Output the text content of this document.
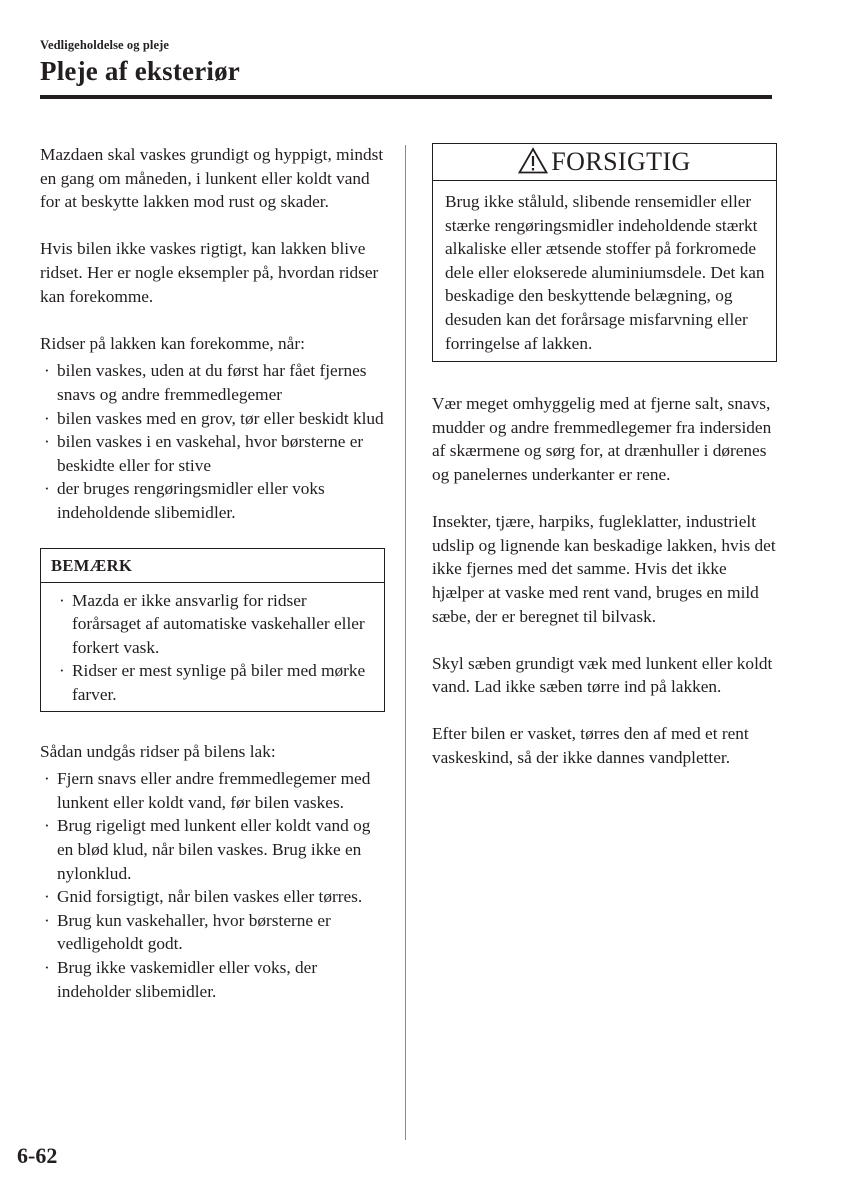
Vedligeholdelse og pleje
Pleje af eksteriør

Mazdaen skal vaskes grundigt og hyppigt, mindst en gang om måneden, i lunkent eller koldt vand for at beskytte lakken mod rust og skader.

Hvis bilen ikke vaskes rigtigt, kan lakken blive ridset. Her er nogle eksempler på, hvordan ridser kan forekomme.

Ridser på lakken kan forekomme, når:

· bilen vaskes, uden at du først har fået fjernes snavs og andre fremmedlegemer
· bilen vaskes med en grov, tør eller beskidt klud
· bilen vaskes i en vaskehal, hvor børsterne er beskidte eller for stive
· der bruges rengøringsmidler eller voks indeholdende slibemidler.
BEMÆRK
· Mazda er ikke ansvarlig for ridser forårsaget af automatiske vaskehaller eller forkert vask.
· Ridser er mest synlige på biler med mørke farver.

Sådan undgås ridser på bilens lak:

· Fjern snavs eller andre fremmedlegemer med lunkent eller koldt vand, før bilen vaskes.
· Brug rigeligt med lunkent eller koldt vand og en blød klud, når bilen vaskes. Brug ikke en nylonklud.
· Gnid forsigtigt, når bilen vaskes eller tørres.
· Brug kun vaskehaller, hvor børsterne er vedligeholdt godt.
· Brug ikke vaskemidler eller voks, der indeholder slibemidler.
FORSIGTIG
Brug ikke ståluld, slibende rensemidler eller stærke rengøringsmidler indeholdende stærkt alkaliske eller ætsende stoffer på forkromede dele eller elokserede aluminiumsdele. Det kan beskadige den beskyttende belægning, og desuden kan det forårsage misfarvning eller forringelse af lakken.

Vær meget omhyggelig med at fjerne salt, snavs, mudder og andre fremmedlegemer fra indersiden af skærmene og sørg for, at drænhuller i dørenes og panelernes underkanter er rene.

Insekter, tjære, harpiks, fugleklatter, industrielt udslip og lignende kan beskadige lakken, hvis det ikke fjernes med det samme. Hvis det ikke hjælper at vaske med rent vand, bruges en mild sæbe, der er beregnet til bilvask.

Skyl sæben grundigt væk med lunkent eller koldt vand. Lad ikke sæben tørre ind på lakken.

Efter bilen er vasket, tørres den af med et rent vaskeskind, så der ikke dannes vandpletter.

6-62
